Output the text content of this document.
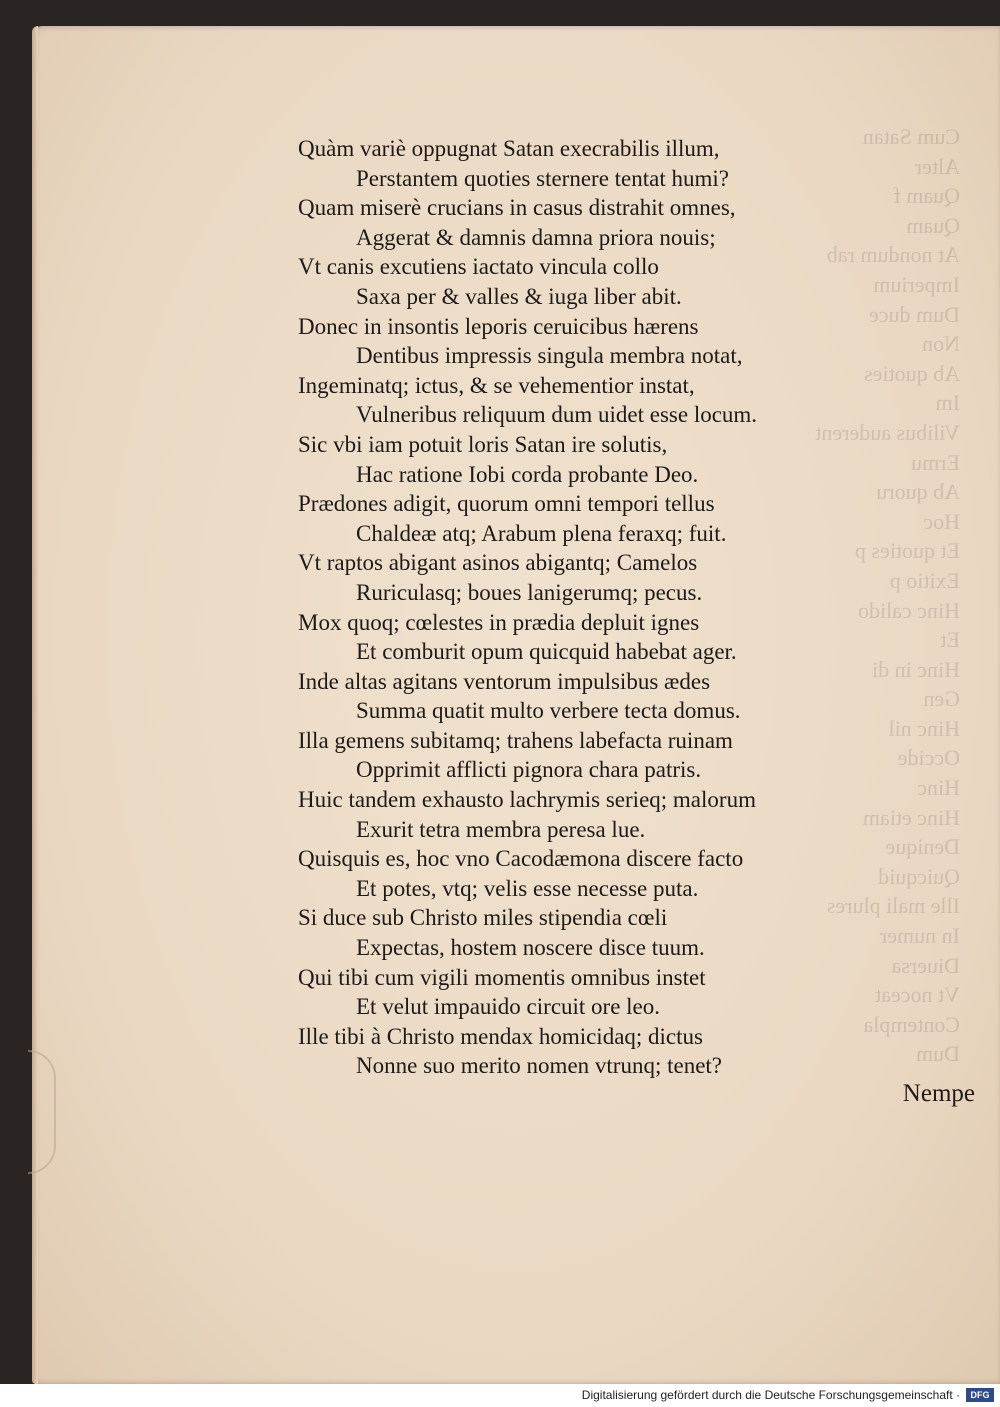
Cum Satan
Alter
Quam f
Quam
At nondum rab
Imperium
Dum duce
Non
Ab quoties
Im
Vilibus auderent
Ermu
Ab quoru
Hoc
Et quoties p
Exitio p
Hinc calido
Et
Hinc in di
Gen
Hinc nil
Occide
Hinc
Hinc etiam
Denique
Quicquid
Ille mali plures
In numer
Diuersa
Vt noceat
Contempla
Dum
Quàm variè oppugnat Satan execrabilis illum,
Perstantem quoties sternere tentat humi?
Quam miserè crucians in casus distrahit omnes,
Aggerat & damnis damna priora nouis;
Vt canis excutiens iactato vincula collo
Saxa per & valles & iuga liber abit.
Donec in insontis leporis ceruicibus hærens
Dentibus impressis singula membra notat,
Ingeminatq; ictus, & se vehementior instat,
Vulneribus reliquum dum uidet esse locum.
Sic vbi iam potuit loris Satan ire solutis,
Hac ratione Iobi corda probante Deo.
Prædones adigit, quorum omni tempori tellus
Chaldeæ atq; Arabum plena feraxq; fuit.
Vt raptos abigant asinos abigantq; Camelos
Ruriculasq; boues lanigerumq; pecus.
Mox quoq; cœlestes in prædia depluit ignes
Et comburit opum quicquid habebat ager.
Inde altas agitans ventorum impulsibus ædes
Summa quatit multo verbere tecta domus.
Illa gemens subitamq; trahens labefacta ruinam
Opprimit afflicti pignora chara patris.
Huic tandem exhausto lachrymis serieq; malorum
Exurit tetra membra peresa lue.
Quisquis es, hoc vno Cacodæmona discere facto
Et potes, vtq; velis esse necesse puta.
Si duce sub Christo miles stipendia cœli
Expectas, hostem noscere disce tuum.
Qui tibi cum vigili momentis omnibus instet
Et velut impauido circuit ore leo.
Ille tibi à Christo mendax homicidaq; dictus
Nonne suo merito nomen vtrunq; tenet?
Nempe
Digitalisierung gefördert durch die Deutsche Forschungsgemeinschaft ·	DFG
